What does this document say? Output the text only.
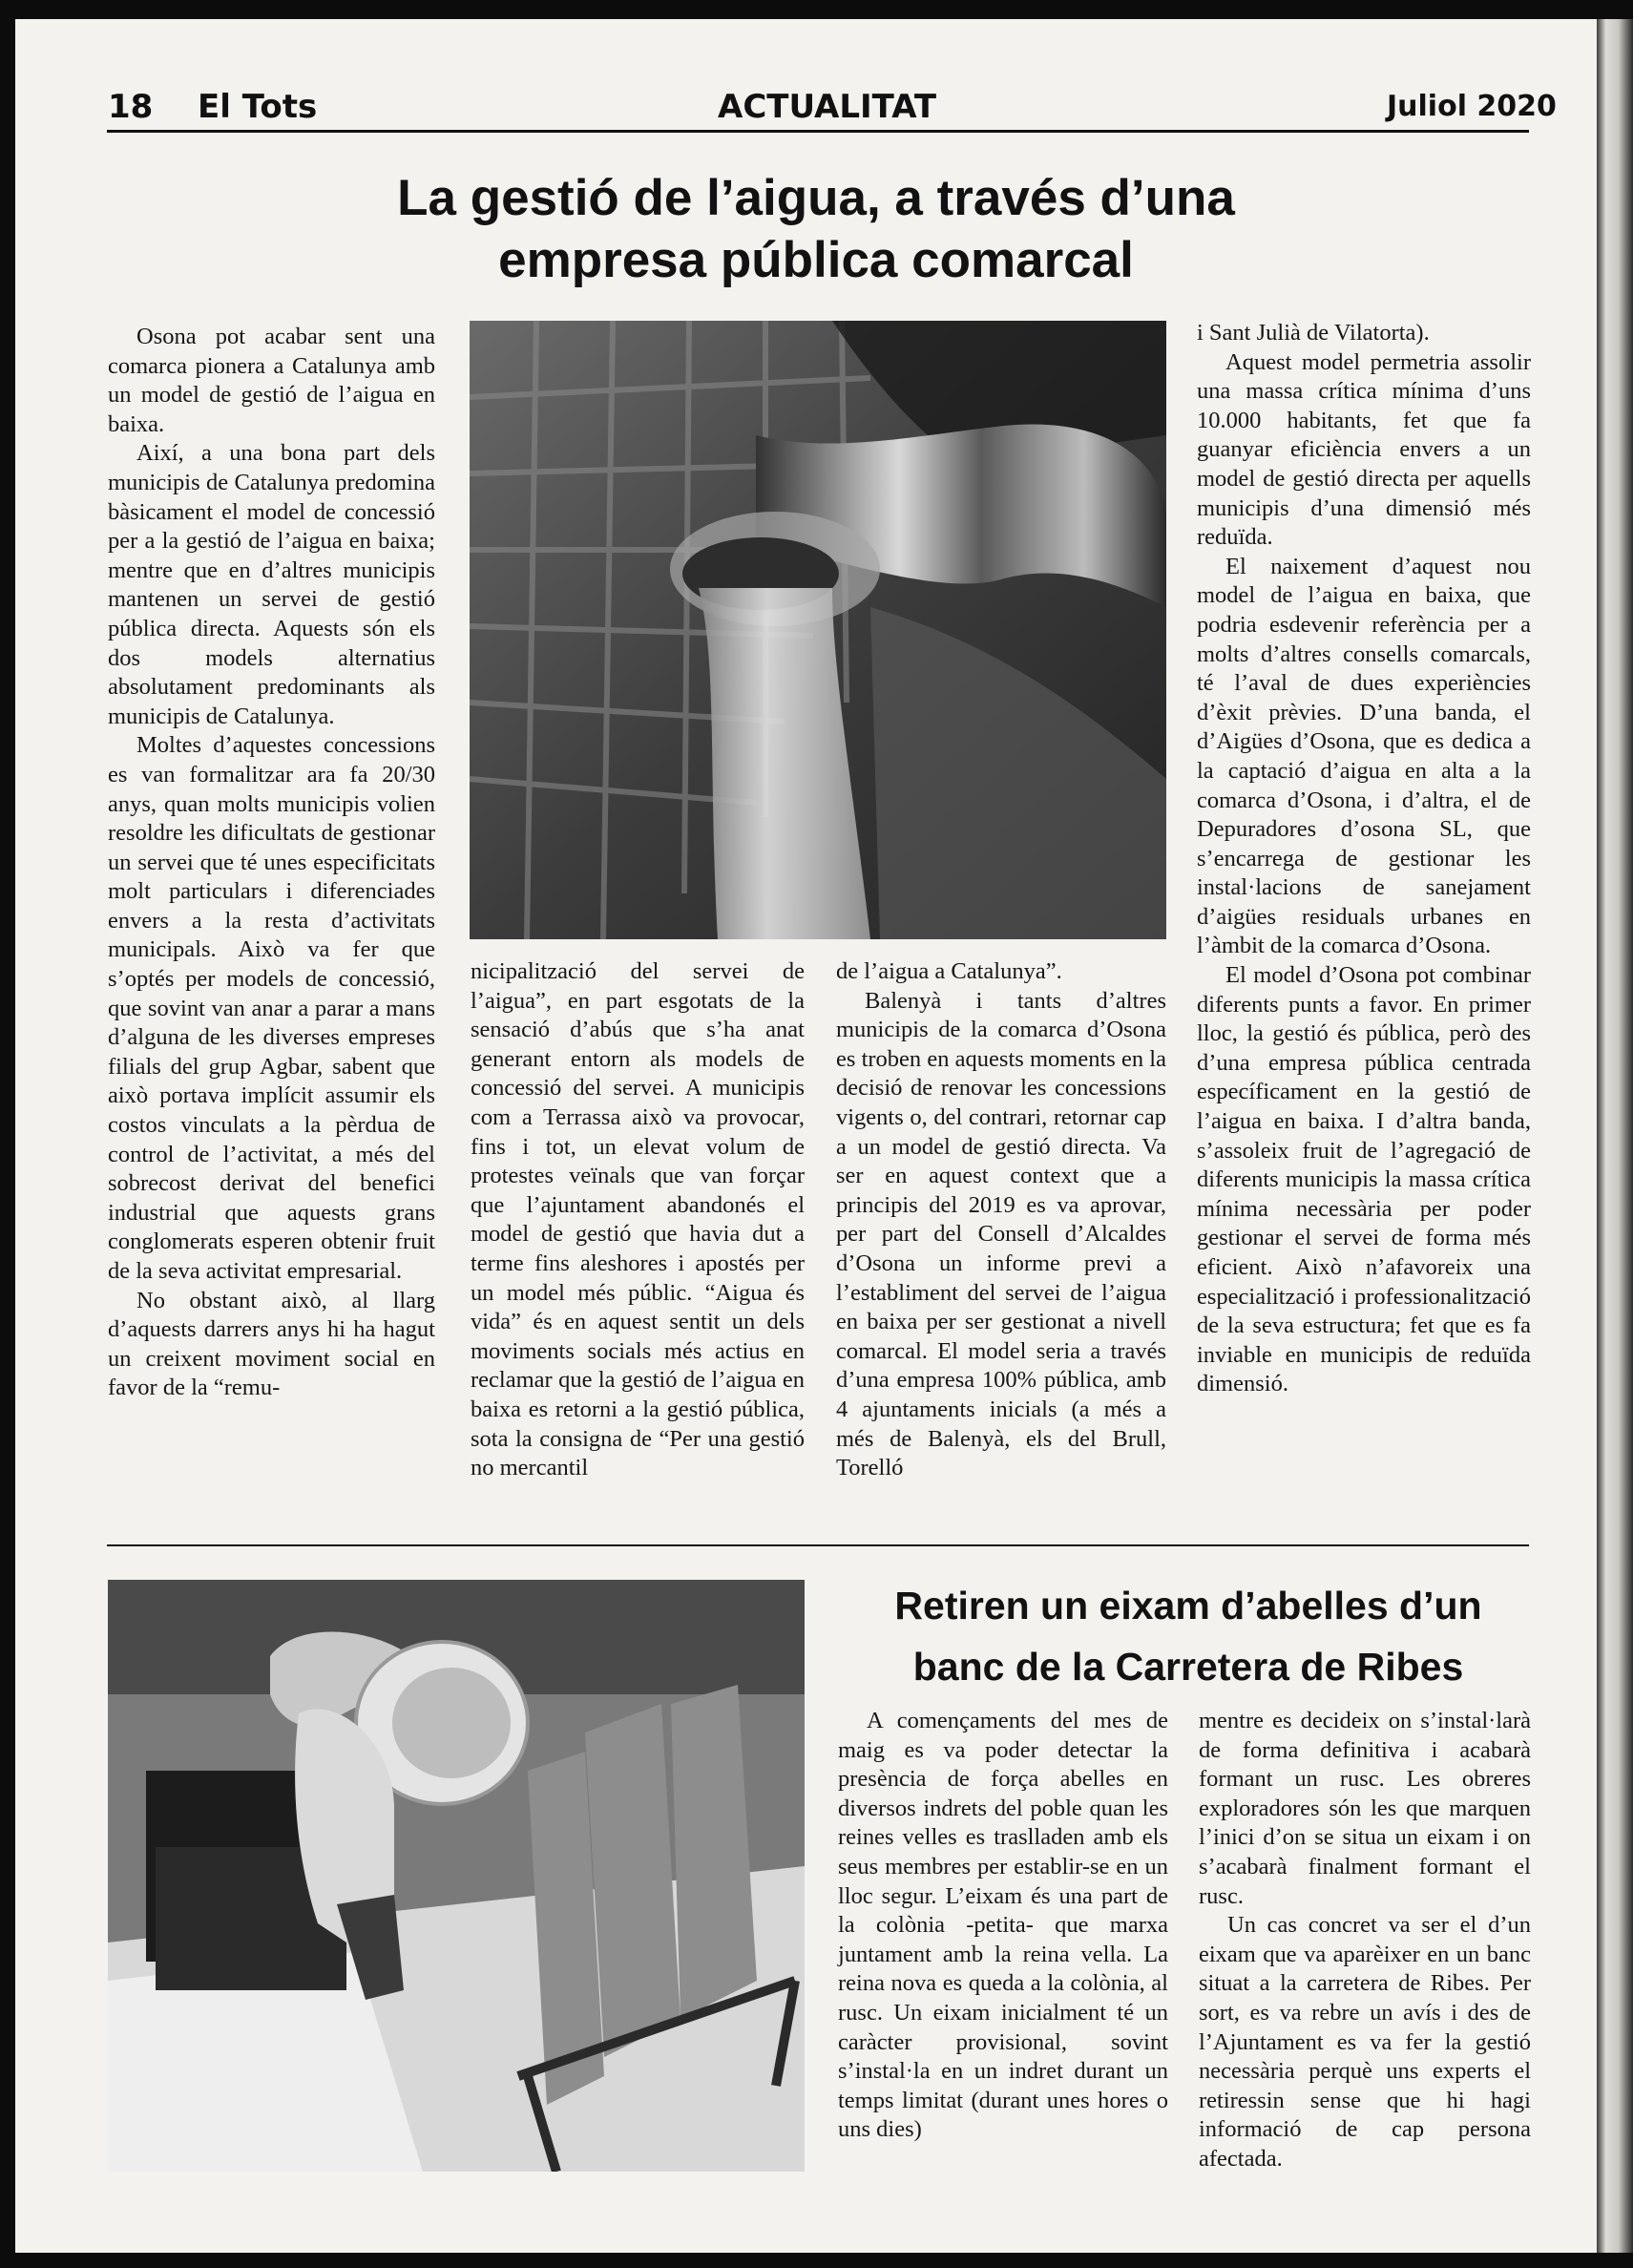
18 El Tots	ACTUALITAT	Juliol 2020
La gestió de l’aigua, a través d’una
empresa pública comarcal

Osona pot acabar sent una comarca pionera a Catalunya amb un model de gestió de l’aigua en baixa.

Així, a una bona part dels municipis de Catalunya predomina bàsicament el model de concessió per a la gestió de l’aigua en baixa; mentre que en d’altres municipis mantenen un servei de gestió pública directa. Aquests són els dos models alternatius absolutament predominants als municipis de Catalunya.

Moltes d’aquestes concessions es van formalitzar ara fa 20/30 anys, quan molts municipis volien resoldre les dificultats de gestionar un servei que té unes especificitats molt particulars i diferenciades envers a la resta d’activitats municipals. Això va fer que s’optés per models de concessió, que sovint van anar a parar a mans d’alguna de les diverses empreses filials del grup Agbar, sabent que això portava implícit assumir els costos vinculats a la pèrdua de control de l’activitat, a més del sobrecost derivat del benefici industrial que aquests grans conglomerats esperen obtenir fruit de la seva activitat empresarial.

No obstant això, al llarg d’aquests darrers anys hi ha hagut un creixent moviment social en favor de la “remu-

nicipalització del servei de l’aigua”, en part esgotats de la sensació d’abús que s’ha anat generant entorn als models de concessió del servei. A municipis com a Terrassa això va provocar, fins i tot, un elevat volum de protestes veïnals que van forçar que l’ajuntament abandonés el model de gestió que havia dut a terme fins aleshores i apostés per un model més públic. “Aigua és vida” és en aquest sentit un dels moviments socials més actius en reclamar que la gestió de l’aigua en baixa es retorni a la gestió pública, sota la consigna de “Per una gestió no mercantil

de l’aigua a Catalunya”.

Balenyà i tants d’altres municipis de la comarca d’Osona es troben en aquests moments en la decisió de renovar les concessions vigents o, del contrari, retornar cap a un model de gestió directa. Va ser en aquest context que a principis del 2019 es va aprovar, per part del Consell d’Alcaldes d’Osona un informe previ a l’establiment del servei de l’aigua en baixa per ser gestionat a nivell comarcal. El model seria a través d’una empresa 100% pública, amb 4 ajuntaments inicials (a més a més de Balenyà, els del Brull, Torelló

i Sant Julià de Vilatorta).

Aquest model permetria assolir una massa crítica mínima d’uns 10.000 habitants, fet que fa guanyar eficiència envers a un model de gestió directa per aquells municipis d’una dimensió més reduïda.

El naixement d’aquest nou model de l’aigua en baixa, que podria esdevenir referència per a molts d’altres consells comarcals, té l’aval de dues experiències d’èxit prèvies. D’una banda, el d’Aigües d’Osona, que es dedica a la captació d’aigua en alta a la comarca d’Osona, i d’altra, el de Depuradores d’osona SL, que s’encarrega de gestionar les instal·lacions de sanejament d’aigües residuals urbanes en l’àmbit de la comarca d’Osona.

El model d’Osona pot combinar diferents punts a favor. En primer lloc, la gestió és pública, però des d’una empresa pública centrada específicament en la gestió de l’aigua en baixa. I d’altra banda, s’assoleix fruit de l’agregació de diferents municipis la massa crítica mínima necessària per poder gestionar el servei de forma més eficient. Això n’afavoreix una especialització i professionalització de la seva estructura; fet que es fa inviable en municipis de reduïda dimensió.

Retiren un eixam d’abelles d’un
banc de la Carretera de Ribes

A començaments del mes de maig es va poder detectar la presència de força abelles en diversos indrets del poble quan les reines velles es traslladen amb els seus membres per establir-se en un lloc segur. L’eixam és una part de la colònia -petita- que marxa juntament amb la reina vella. La reina nova es queda a la colònia, al rusc. Un eixam inicialment té un caràcter provisional, sovint s’instal·la en un indret durant un temps limitat (durant unes hores o uns dies)

mentre es decideix on s’instal·larà de forma definitiva i acabarà formant un rusc. Les obreres exploradores són les que marquen l’inici d’on se situa un eixam i on s’acabarà finalment formant el rusc.

Un cas concret va ser el d’un eixam que va aparèixer en un banc situat a la carretera de Ribes. Per sort, es va rebre un avís i des de l’Ajuntament es va fer la gestió necessària perquè uns experts el retiressin sense que hi hagi informació de cap persona afectada.
